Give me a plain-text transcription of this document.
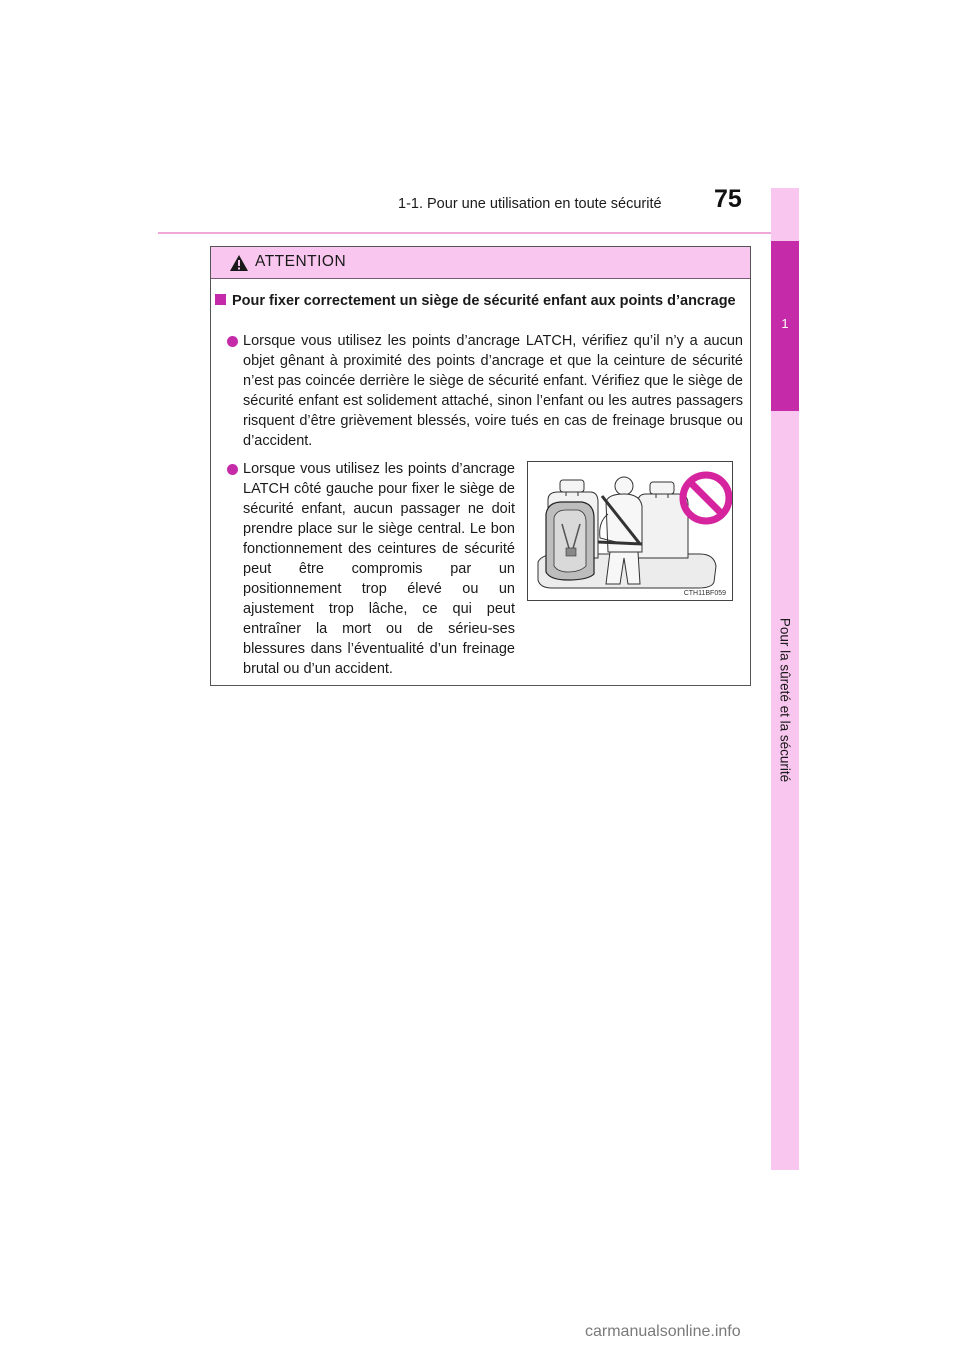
1-1. Pour une utilisation en toute sécurité 75
1
Pour la sûreté et la sécurité
ATTENTION
Pour fixer correctement un siège de sécurité enfant aux points d’ancrage
Lorsque vous utilisez les points d’ancrage LATCH, vérifiez qu’il n’y a aucun objet gênant à proximité des points d’ancrage et que la ceinture de sécurité n’est pas coincée derrière le siège de sécurité enfant. Vérifiez que le siège de sécurité enfant est solidement attaché, sinon l’enfant ou les autres passagers risquent d’être grièvement blessés, voire tués en cas de freinage brusque ou d’accident.
Lorsque vous utilisez les points d’ancrage LATCH côté gauche pour fixer le siège de sécurité enfant, aucun passager ne doit prendre place sur le siège central. Le bon fonctionnement des ceintures de sécurité peut être compromis par un positionnement trop élevé ou un ajustement trop lâche, ce qui peut entraîner la mort ou de sérieu-ses blessures dans l’éventualité d’un freinage brutal ou d’un accident.
CTH11BF059
carmanualsonline.info
